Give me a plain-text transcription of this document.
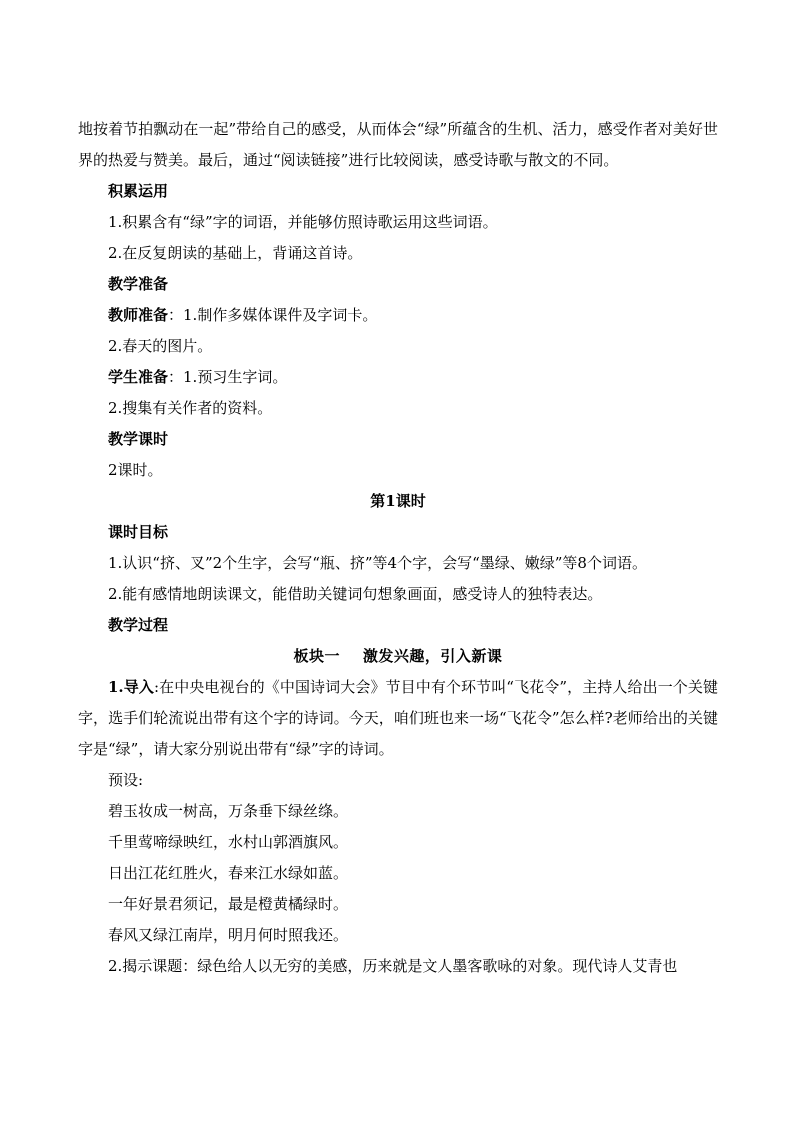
地按着节拍飘动在一起”带给自己的感受，从而体会“绿”所蕴含的生机、活力，感受作者对美好世界的热爱与赞美。最后，通过“阅读链接”进行比较阅读，感受诗歌与散文的不同。

积累运用

1.积累含有“绿”字的词语，并能够仿照诗歌运用这些词语。

2.在反复朗读的基础上，背诵这首诗。

教学准备

教师准备：1.制作多媒体课件及字词卡。

2.春天的图片。

学生准备：1.预习生字词。

2.搜集有关作者的资料。

教学课时

2课时。

第1课时

课时目标

1.认识“挤、叉”2个生字，会写“瓶、挤”等4个字，会写“墨绿、嫩绿”等8个词语。

2.能有感情地朗读课文，能借助关键词句想象画面，感受诗人的独特表达。

教学过程

板块一    激发兴趣，引入新课

1.导入:在中央电视台的《中国诗词大会》节目中有个环节叫“飞花令”，主持人给出一个关键字，选手们轮流说出带有这个字的诗词。今天，咱们班也来一场“飞花令”怎么样?老师给出的关键字是“绿”，请大家分别说出带有“绿”字的诗词。

预设:

碧玉妆成一树高，万条垂下绿丝绦。

千里莺啼绿映红，水村山郭酒旗风。

日出江花红胜火，春来江水绿如蓝。

一年好景君须记，最是橙黄橘绿时。

春风又绿江南岸，明月何时照我还。

2.揭示课题：绿色给人以无穷的美感，历来就是文人墨客歌咏的对象。现代诗人艾青也
